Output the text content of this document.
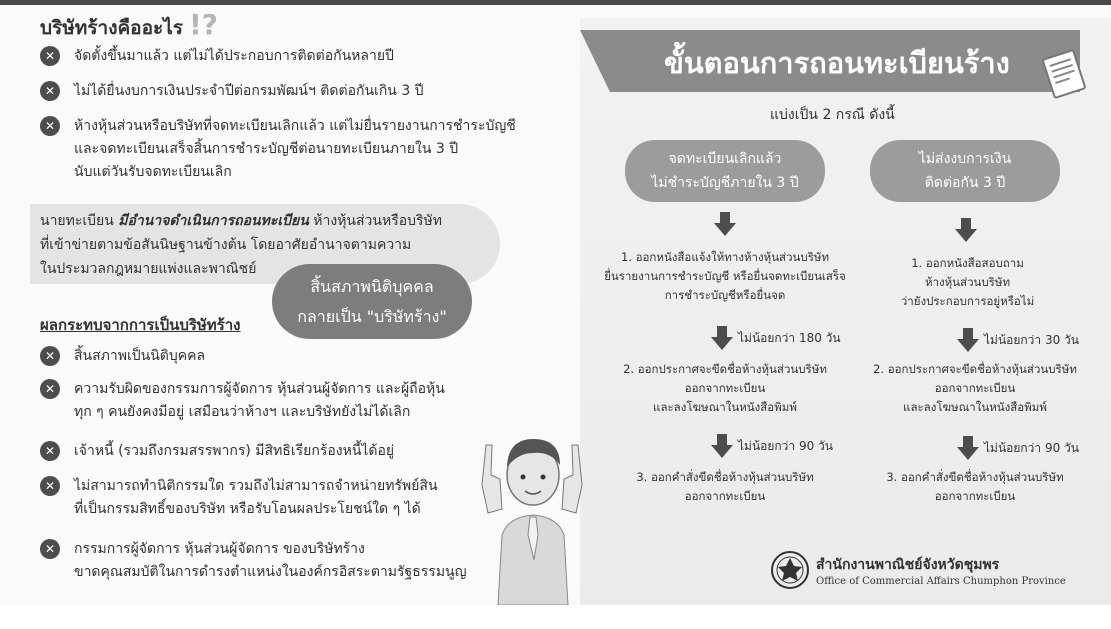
บริษัทร้างคืออะไร !?
✕	จัดตั้งขึ้นมาแล้ว แต่ไม่ได้ประกอบการติดต่อกันหลายปี
✕	ไม่ได้ยื่นงบการเงินประจำปีต่อกรมพัฒน์ฯ ติดต่อกันเกิน 3 ปี
✕	ห้างหุ้นส่วนหรือบริษัทที่จดทะเบียนเลิกแล้ว แต่ไม่ยื่นรายงานการชำระบัญชี
และจดทะเบียนเสร็จสิ้นการชำระบัญชีต่อนายทะเบียนภายใน 3 ปี
นับแต่วันรับจดทะเบียนเลิก
นายทะเบียน มีอำนาจดำเนินการถอนทะเบียน ห้างหุ้นส่วนหรือบริษัท
ที่เข้าข่ายตามข้อสันนิษฐานข้างต้น โดยอาศัยอำนาจตามความ
ในประมวลกฎหมายแพ่งและพาณิชย์
สิ้นสภาพนิติบุคคล
กลายเป็น "บริษัทร้าง"
ผลกระทบจากการเป็นบริษัทร้าง
✕	สิ้นสภาพเป็นนิติบุคคล
✕	ความรับผิดของกรรมการผู้จัดการ หุ้นส่วนผู้จัดการ และผู้ถือหุ้น
ทุก ๆ คนยังคงมีอยู่ เสมือนว่าห้างฯ และบริษัทยังไม่ได้เลิก
✕	เจ้าหนี้ (รวมถึงกรมสรรพากร) มีสิทธิเรียกร้องหนี้ได้อยู่
✕	ไม่สามารถทำนิติกรรมใด รวมถึงไม่สามารถจำหน่ายทรัพย์สิน
ที่เป็นกรรมสิทธิ์ของบริษัท หรือรับโอนผลประโยชน์ใด ๆ ได้
✕	กรรมการผู้จัดการ หุ้นส่วนผู้จัดการ ของบริษัทร้าง
ขาดคุณสมบัติในการดำรงตำแหน่งในองค์กรอิสระตามรัฐธรรมนูญ
ขั้นตอนการถอนทะเบียนร้าง
แบ่งเป็น 2 กรณี ดังนี้
จดทะเบียนเลิกแล้ว
ไม่ชำระบัญชีภายใน 3 ปี
1. ออกหนังสือแจ้งให้ทางห้างหุ้นส่วนบริษัท
ยื่นรายงานการชำระบัญชี หรือยื่นจดทะเบียนเสร็จ
การชำระบัญชีหรือยื่นจด
ไม่น้อยกว่า 180 วัน
2. ออกประกาศจะขีดชื่อห้างหุ้นส่วนบริษัท
ออกจากทะเบียน
และลงโฆษณาในหนังสือพิมพ์
ไม่น้อยกว่า 90 วัน
3. ออกคำสั่งขีดชื่อห้างหุ้นส่วนบริษัท
ออกจากทะเบียน
ไม่ส่งงบการเงิน
ติดต่อกัน 3 ปี
1. ออกหนังสือสอบถาม
ห้างหุ้นส่วนบริษัท
ว่ายังประกอบการอยู่หรือไม่
ไม่น้อยกว่า 30 วัน
2. ออกประกาศจะขีดชื่อห้างหุ้นส่วนบริษัท
ออกจากทะเบียน
และลงโฆษณาในหนังสือพิมพ์
ไม่น้อยกว่า 90 วัน
3. ออกคำสั่งขีดชื่อห้างหุ้นส่วนบริษัท
ออกจากทะเบียน
สำนักงานพาณิชย์จังหวัดชุมพร
Office of Commercial Affairs Chumphon Province
